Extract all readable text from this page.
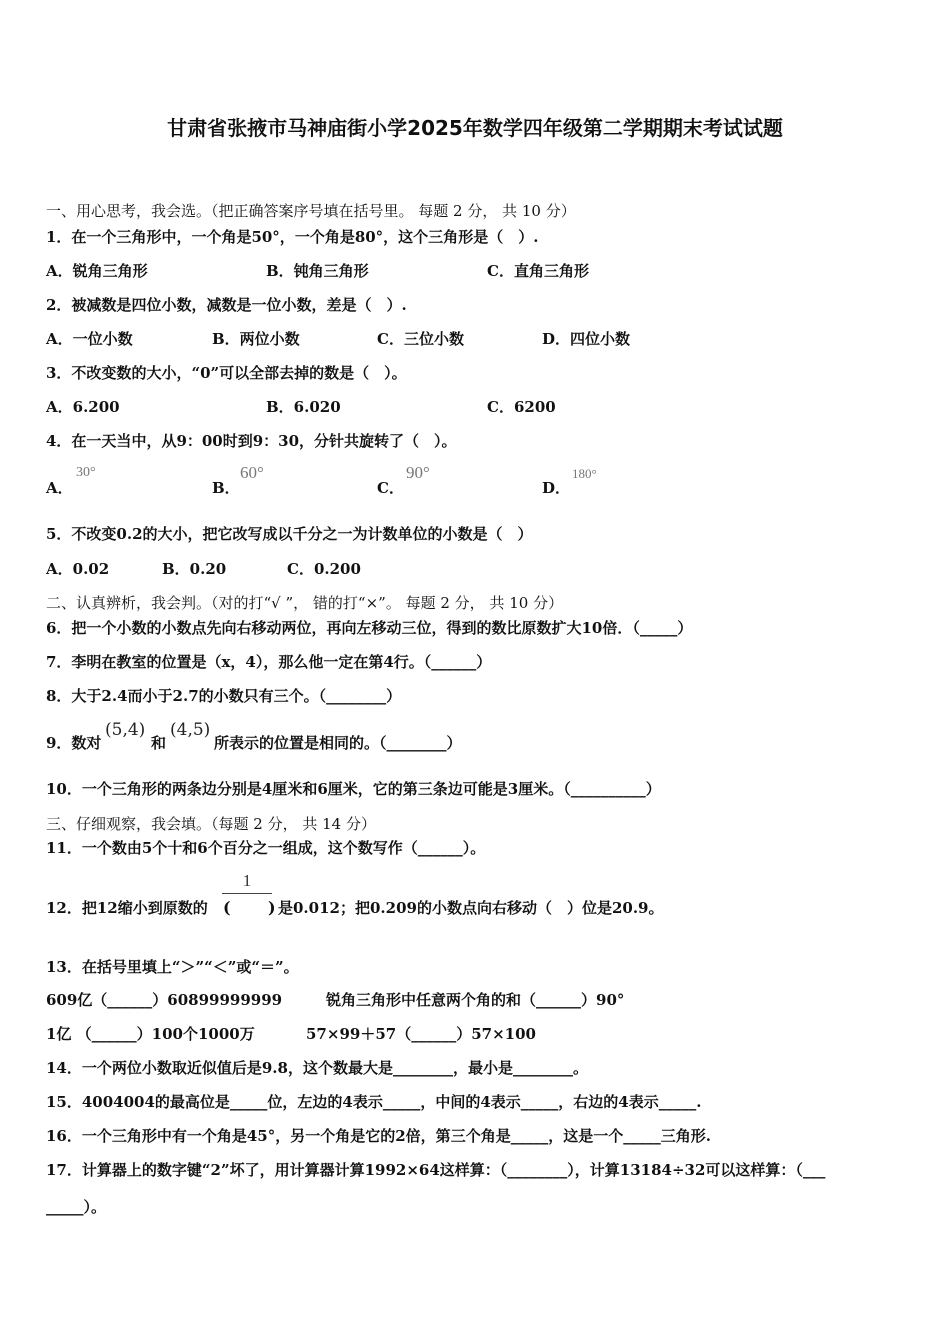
甘肃省张掖市马神庙街小学2025年数学四年级第二学期期末考试试题
一、用心思考，我会选。（把正确答案序号填在括号里。 每题 2 分， 共 10 分）
1．在一个三角形中，一个角是50°，一个角是80°，这个三角形是（　）.
A．锐角三角形	B．钝角三角形	C．直角三角形
2．被减数是四位小数，减数是一位小数，差是（　）.
A．一位小数	B．两位小数	C．三位小数	D．四位小数
3．不改变数的大小，“0”可以全部去掉的数是（　）。
A．6.200	B．6.020	C．6200
4．在一天当中，从9：00时到9：30，分针共旋转了（　）。
A．
30°
B．
60°
C．
90°
D．
180°
5．不改变0.2的大小，把它改写成以千分之一为计数单位的小数是（　）
A．0.02	B．0.20	C．0.200
二、认真辨析，我会判。（对的打“√ ”， 错的打“×”。 每题 2 分， 共 10 分）
6．把一个小数的小数点先向右移动两位，再向左移动三位，得到的数比原数扩大10倍．（_____）
7．李明在教室的位置是（x，4），那么他一定在第4行。（______）
8．大于2.4而小于2.7的小数只有三个。（________）
9．数对
(5,4)
和
(4,5)
所表示的位置是相同的。（________）
10．一个三角形的两条边分别是4厘米和6厘米，它的第三条边可能是3厘米。（__________）
三、仔细观察，我会填。（每题 2 分， 共 14 分）
11．一个数由5个十和6个百分之一组成，这个数写作（______）。
12．把12缩小到原数的
1
( ) 是0.012；把0.209的小数点向右移动（　）位是20.9。
13．在括号里填上“＞”“＜”或“＝”。
609亿（______）60899999999	锐角三角形中任意两个角的和（______）90°
1亿 （______）100个1000万	57×99＋57（______）57×100
14．一个两位小数取近似值后是9.8，这个数最大是________，最小是________。
15．4004004的最高位是_____位，左边的4表示_____，中间的4表示_____，右边的4表示_____.
16．一个三角形中有一个角是45°，另一个角是它的2倍，第三个角是_____，这是一个_____三角形.
17．计算器上的数字键“2”坏了，用计算器计算1992×64这样算：（________），计算13184÷32可以这样算：（___
_____）。
